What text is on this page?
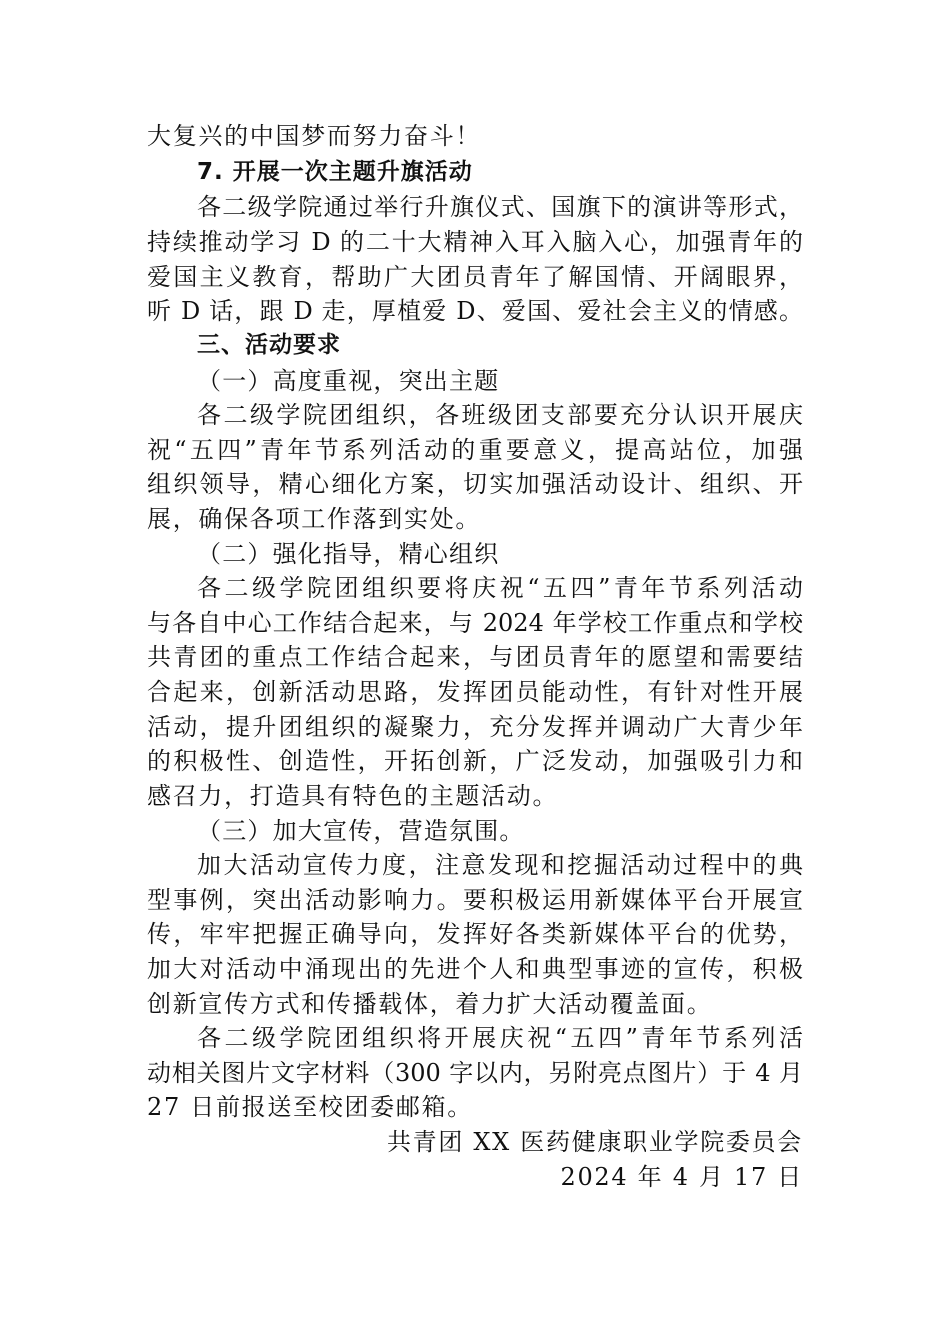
大复兴的中国梦而努力奋斗！
7. 开展一次主题升旗活动
各二级学院通过举行升旗仪式、国旗下的演讲等形式，
持续推动学习 D 的二十大精神入耳入脑入心，加强青年的
爱国主义教育，帮助广大团员青年了解国情、开阔眼界，
听 D 话，跟 D 走，厚植爱 D、爱国、爱社会主义的情感。
三、活动要求
（一）高度重视，突出主题
各二级学院团组织，各班级团支部要充分认识开展庆
祝“五四”青年节系列活动的重要意义，提高站位，加强
组织领导，精心细化方案，切实加强活动设计、组织、开
展，确保各项工作落到实处。
（二）强化指导，精心组织
各二级学院团组织要将庆祝“五四”青年节系列活动
与各自中心工作结合起来，与 2024 年学校工作重点和学校
共青团的重点工作结合起来，与团员青年的愿望和需要结
合起来，创新活动思路，发挥团员能动性，有针对性开展
活动，提升团组织的凝聚力，充分发挥并调动广大青少年
的积极性、创造性，开拓创新，广泛发动，加强吸引力和
感召力，打造具有特色的主题活动。
（三）加大宣传，营造氛围。
加大活动宣传力度，注意发现和挖掘活动过程中的典
型事例，突出活动影响力。要积极运用新媒体平台开展宣
传，牢牢把握正确导向，发挥好各类新媒体平台的优势，
加大对活动中涌现出的先进个人和典型事迹的宣传，积极
创新宣传方式和传播载体，着力扩大活动覆盖面。
各二级学院团组织将开展庆祝“五四”青年节系列活
动相关图片文字材料（300 字以内，另附亮点图片）于 4 月
27 日前报送至校团委邮箱。
共青团 XX 医药健康职业学院委员会
2024 年 4 月 17 日
